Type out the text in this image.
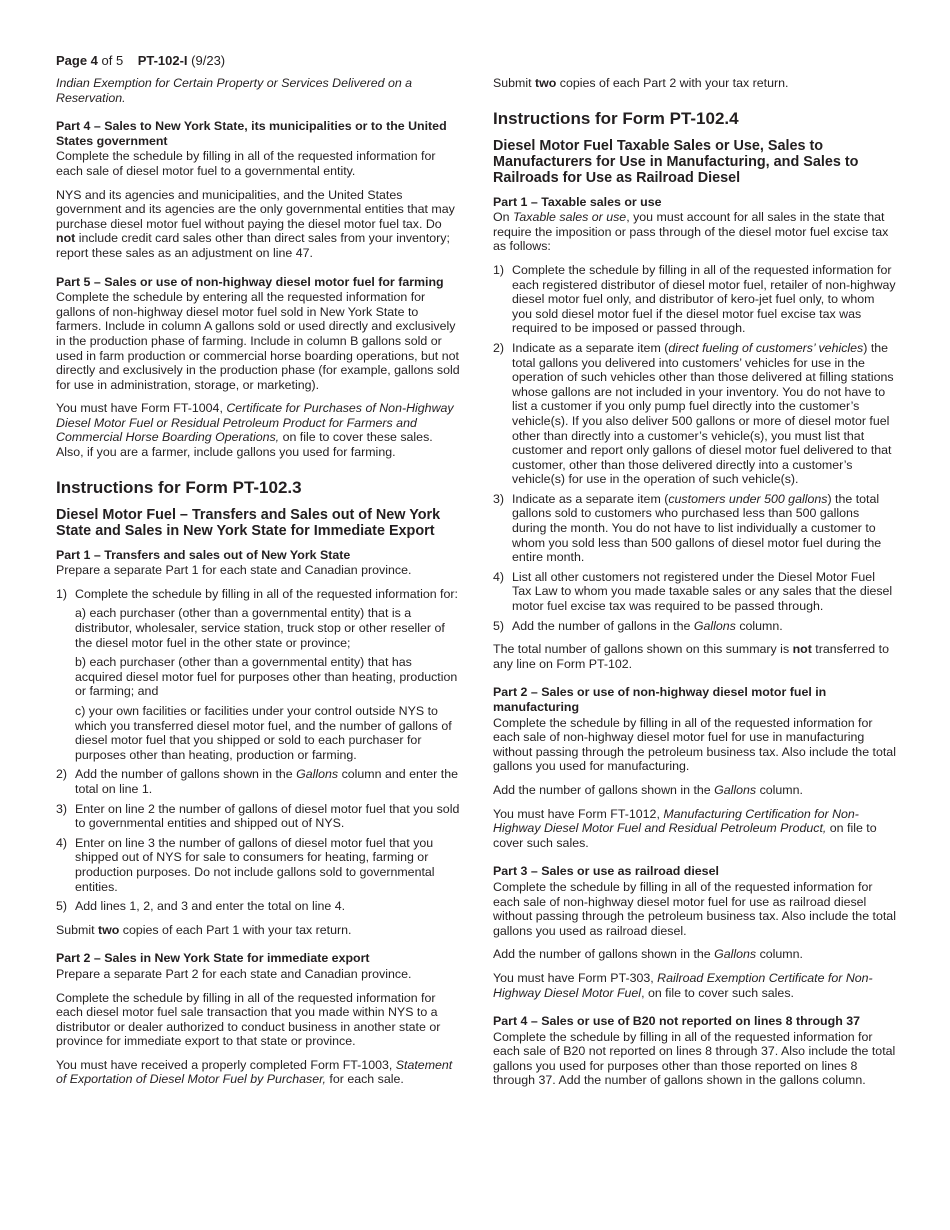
Page 4 of 5 PT-102-I (9/23)

Indian Exemption for Certain Property or Services Delivered on a Reservation.

Part 4 – Sales to New York State, its municipalities or to the United States government

Complete the schedule by filling in all of the requested information for each sale of diesel motor fuel to a governmental entity.

NYS and its agencies and municipalities, and the United States government and its agencies are the only governmental entities that may purchase diesel motor fuel without paying the diesel motor fuel tax. Do not include credit card sales other than direct sales from your inventory; report these sales as an adjustment on line 47.

Part 5 – Sales or use of non-highway diesel motor fuel for farming

Complete the schedule by entering all the requested information for gallons of non-highway diesel motor fuel sold in New York State to farmers. Include in column A gallons sold or used directly and exclusively in the production phase of farming. Include in column B gallons sold or used in farm production or commercial horse boarding operations, but not directly and exclusively in the production phase (for example, gallons sold for use in administration, storage, or marketing).

You must have Form FT-1004, Certificate for Purchases of Non-Highway Diesel Motor Fuel or Residual Petroleum Product for Farmers and Commercial Horse Boarding Operations, on file to cover these sales. Also, if you are a farmer, include gallons you used for farming.

Instructions for Form PT-102.3
Diesel Motor Fuel – Transfers and Sales out of New York State and Sales in New York State for Immediate Export
Part 1 – Transfers and sales out of New York State

Prepare a separate Part 1 for each state and Canadian province.

1) Complete the schedule by filling in all of the requested information for:
a) each purchaser (other than a governmental entity) that is a distributor, wholesaler, service station, truck stop or other reseller of the diesel motor fuel in the other state or province;
b) each purchaser (other than a governmental entity) that has acquired diesel motor fuel for purposes other than heating, production or farming; and
c) your own facilities or facilities under your control outside NYS to which you transferred diesel motor fuel, and the number of gallons of diesel motor fuel that you shipped or sold to each purchaser for purposes other than heating, production or farming.
2) Add the number of gallons shown in the Gallons column and enter the total on line 1.
3) Enter on line 2 the number of gallons of diesel motor fuel that you sold to governmental entities and shipped out of NYS.
4) Enter on line 3 the number of gallons of diesel motor fuel that you shipped out of NYS for sale to consumers for heating, farming or production purposes. Do not include gallons sold to governmental entities.
5) Add lines 1, 2, and 3 and enter the total on line 4.

Submit two copies of each Part 1 with your tax return.

Part 2 – Sales in New York State for immediate export

Prepare a separate Part 2 for each state and Canadian province.

Complete the schedule by filling in all of the requested information for each diesel motor fuel sale transaction that you made within NYS to a distributor or dealer authorized to conduct business in another state or province for immediate export to that state or province.

You must have received a properly completed Form FT-1003, Statement of Exportation of Diesel Motor Fuel by Purchaser, for each sale.

Submit two copies of each Part 2 with your tax return.

Instructions for Form PT-102.4
Diesel Motor Fuel Taxable Sales or Use, Sales to Manufacturers for Use in Manufacturing, and Sales to Railroads for Use as Railroad Diesel
Part 1 – Taxable sales or use

On Taxable sales or use, you must account for all sales in the state that require the imposition or pass through of the diesel motor fuel excise tax as follows:

1) Complete the schedule by filling in all of the requested information for each registered distributor of diesel motor fuel, retailer of non-highway diesel motor fuel only, and distributor of kero-jet fuel only, to whom you sold diesel motor fuel if the diesel motor fuel excise tax was required to be imposed or passed through.
2) Indicate as a separate item (direct fueling of customers’ vehicles) the total gallons you delivered into customers’ vehicles for use in the operation of such vehicles other than those delivered at filling stations whose gallons are not included in your inventory. You do not have to list a customer if you only pump fuel directly into the customer’s vehicle(s). If you also deliver 500 gallons or more of diesel motor fuel other than directly into a customer’s vehicle(s), you must list that customer and report only gallons of diesel motor fuel delivered to that customer, other than those delivered directly into a customer’s vehicle(s) for use in the operation of such vehicle(s).
3) Indicate as a separate item (customers under 500 gallons) the total gallons sold to customers who purchased less than 500 gallons during the month. You do not have to list individually a customer to whom you sold less than 500 gallons of diesel motor fuel during the entire month.
4) List all other customers not registered under the Diesel Motor Fuel Tax Law to whom you made taxable sales or any sales that the diesel motor fuel excise tax was required to be passed through.
5) Add the number of gallons in the Gallons column.

The total number of gallons shown on this summary is not transferred to any line on Form PT-102.

Part 2 – Sales or use of non-highway diesel motor fuel in manufacturing

Complete the schedule by filling in all of the requested information for each sale of non-highway diesel motor fuel for use in manufacturing without passing through the petroleum business tax. Also include the total gallons you used for manufacturing.

Add the number of gallons shown in the Gallons column.

You must have Form FT-1012, Manufacturing Certification for Non-Highway Diesel Motor Fuel and Residual Petroleum Product, on file to cover such sales.

Part 3 – Sales or use as railroad diesel

Complete the schedule by filling in all of the requested information for each sale of non-highway diesel motor fuel for use as railroad diesel without passing through the petroleum business tax. Also include the total gallons you used as railroad diesel.

Add the number of gallons shown in the Gallons column.

You must have Form PT-303, Railroad Exemption Certificate for Non-Highway Diesel Motor Fuel, on file to cover such sales.

Part 4 – Sales or use of B20 not reported on lines 8 through 37

Complete the schedule by filling in all of the requested information for each sale of B20 not reported on lines 8 through 37. Also include the total gallons you used for purposes other than those reported on lines 8 through 37. Add the number of gallons shown in the gallons column.
